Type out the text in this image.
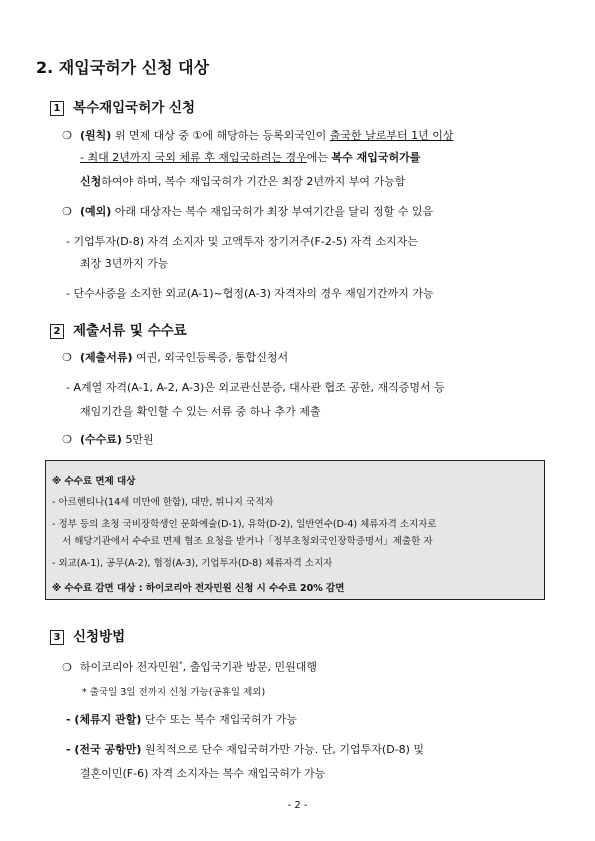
2. 재입국허가 신청 대상
1 복수재입국허가 신청
❍ (원칙) 위 면제 대상 중 ①에 해당하는 등록외국인이 출국한 날로부터 1년 이상
- 최대 2년까지 국외 체류 후 재입국하려는 경우에는 복수 재입국허가를
신청하여야 하며, 복수 재입국허가 기간은 최장 2년까지 부여 가능함
❍ (예외) 아래 대상자는 복수 재입국허가 최장 부여기간을 달리 정할 수 있음
- 기업투자(D-8) 자격 소지자 및 고액투자 장기거주(F-2-5) 자격 소지자는
최장 3년까지 가능
- 단수사증을 소지한 외교(A-1)~협정(A-3) 자격자의 경우 재임기간까지 가능
2 제출서류 및 수수료
❍ (제출서류) 여권, 외국인등록증, 통합신청서
- A계열 자격(A-1, A-2, A-3)은 외교관신분증, 대사관 협조 공한, 재직증명서 등
재임기간을 확인할 수 있는 서류 중 하나 추가 제출
❍ (수수료) 5만원
※ 수수료 면제 대상
- 아르헨티나(14세 미만에 한함), 대만, 튀니지 국적자
- 정부 등의 초청 국비장학생인 문화예술(D-1), 유학(D-2), 일반연수(D-4) 체류자격 소지자로
서 해당기관에서 수수료 면제 협조 요청을 받거나「정부초청외국인장학증명서」제출한 자
- 외교(A-1), 공무(A-2), 협정(A-3), 기업투자(D-8) 체류자격 소지자
※ 수수료 감면 대상 : 하이코리아 전자민원 신청 시 수수료 20% 감면
3 신청방법
❍ 하이코리아 전자민원*, 출입국기관 방문, 민원대행
* 출국일 3일 전까지 신청 가능(공휴일 제외)
- (체류지 관할) 단수 또는 복수 재입국허가 가능
- (전국 공항만) 원칙적으로 단수 재입국허가만 가능. 단, 기업투자(D-8) 및
결혼이민(F-6) 자격 소지자는 복수 재입국허가 가능
- 2 -
